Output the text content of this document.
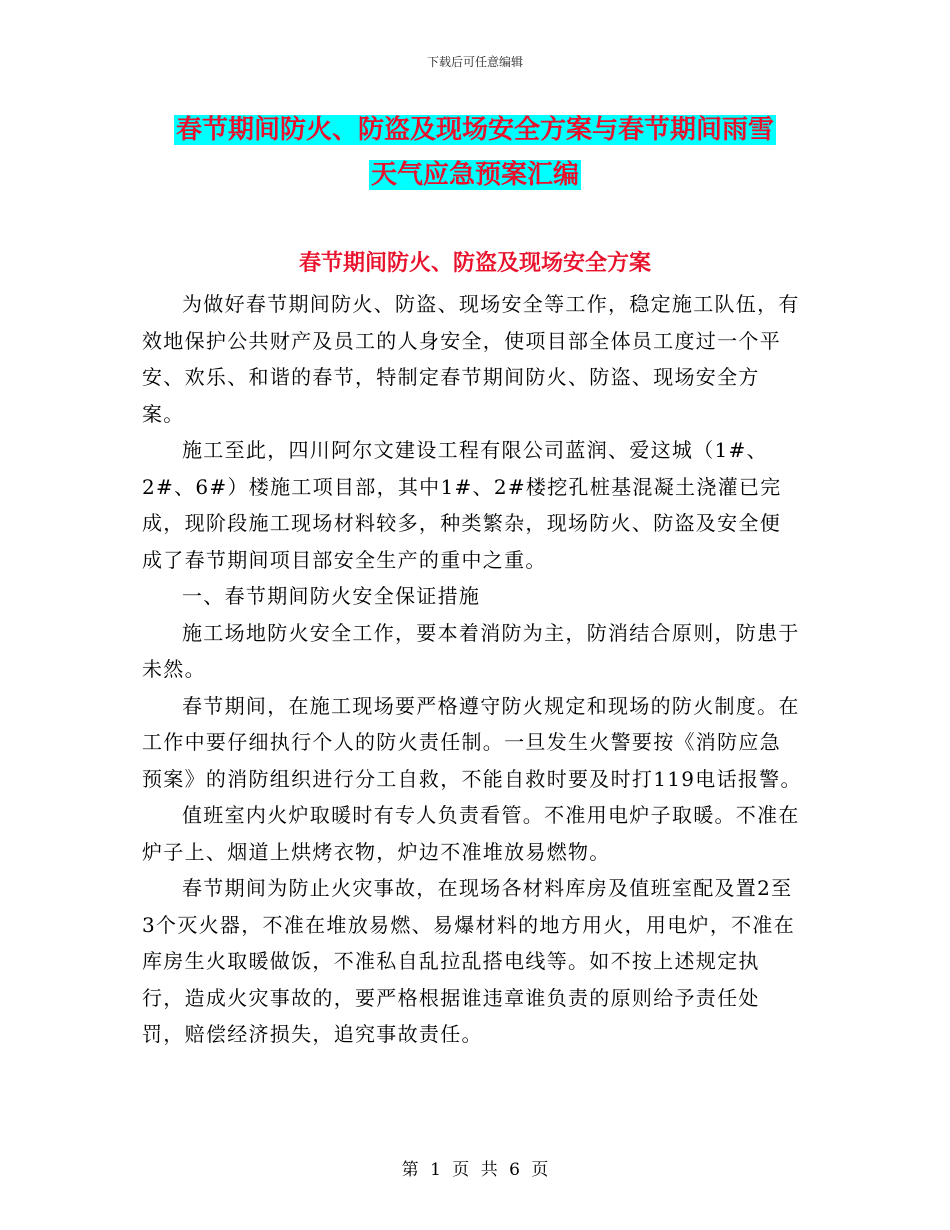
下载后可任意编辑
春节期间防火、防盗及现场安全方案与春节期间雨雪
天气应急预案汇编
春节期间防火、防盗及现场安全方案

为做好春节期间防火、防盗、现场安全等工作，稳定施工队伍，有效地保护公共财产及员工的人身安全，使项目部全体员工度过一个平安、欢乐、和谐的春节，特制定春节期间防火、防盗、现场安全方案。

施工至此，四川阿尔文建设工程有限公司蓝润、爱这城（1#、2#、6#）楼施工项目部，其中1#、2#楼挖孔桩基混凝土浇灌已完成，现阶段施工现场材料较多，种类繁杂，现场防火、防盗及安全便成了春节期间项目部安全生产的重中之重。

一、春节期间防火安全保证措施

施工场地防火安全工作，要本着消防为主，防消结合原则，防患于未然。

春节期间，在施工现场要严格遵守防火规定和现场的防火制度。在工作中要仔细执行个人的防火责任制。一旦发生火警要按《消防应急预案》的消防组织进行分工自救，不能自救时要及时打119电话报警。

值班室内火炉取暖时有专人负责看管。不准用电炉子取暖。不准在炉子上、烟道上烘烤衣物，炉边不准堆放易燃物。

春节期间为防止火灾事故，在现场各材料库房及值班室配及置2至3个灭火器，不准在堆放易燃、易爆材料的地方用火，用电炉，不准在库房生火取暖做饭，不准私自乱拉乱搭电线等。如不按上述规定执行，造成火灾事故的，要严格根据谁违章谁负责的原则给予责任处罚，赔偿经济损失，追究事故责任。

第 1 页 共 6 页
